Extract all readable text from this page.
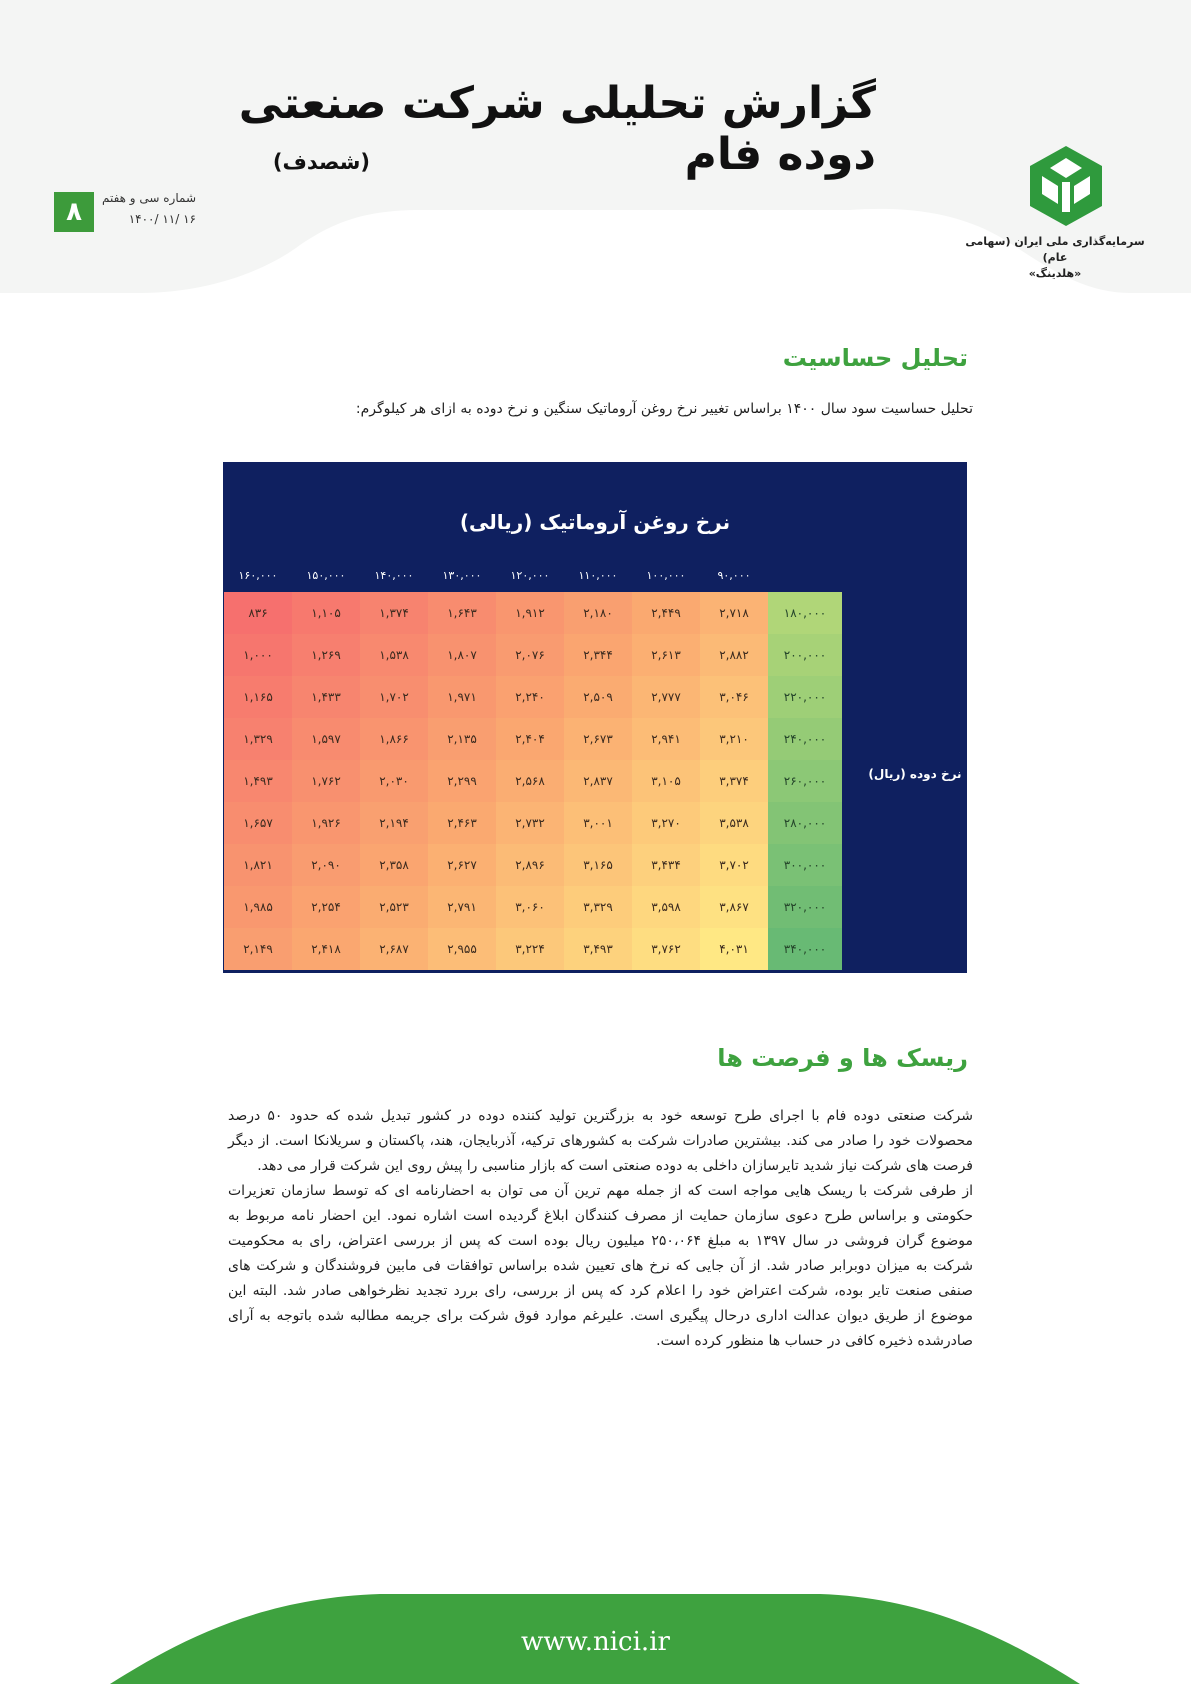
گزارش تحلیلی شرکت صنعتی دوده فام
(شصدف)
سرمایه‌گذاری ملی ایران (سهامی عام)
«هلدینگ»
۸	شماره سی و هفتم
۱۴۰۰/ ۱۱/ ۱۶
تحلیل حساسیت
تحلیل حساسیت سود سال ۱۴۰۰ براساس تغییر نرخ روغن آروماتیک سنگین و نرخ دوده به ازای هر کیلوگرم:
نرخ روغن آروماتیک (ریالی)
نرخ دوده (ریال)
۹۰,۰۰۰
۱۰۰,۰۰۰
۱۱۰,۰۰۰
۱۲۰,۰۰۰
۱۳۰,۰۰۰
۱۴۰,۰۰۰
۱۵۰,۰۰۰
۱۶۰,۰۰۰
۱۸۰,۰۰۰
۲,۷۱۸
۲,۴۴۹
۲,۱۸۰
۱,۹۱۲
۱,۶۴۳
۱,۳۷۴
۱,۱۰۵
۸۳۶
۲۰۰,۰۰۰
۲,۸۸۲
۲,۶۱۳
۲,۳۴۴
۲,۰۷۶
۱,۸۰۷
۱,۵۳۸
۱,۲۶۹
۱,۰۰۰
۲۲۰,۰۰۰
۳,۰۴۶
۲,۷۷۷
۲,۵۰۹
۲,۲۴۰
۱,۹۷۱
۱,۷۰۲
۱,۴۳۳
۱,۱۶۵
۲۴۰,۰۰۰
۳,۲۱۰
۲,۹۴۱
۲,۶۷۳
۲,۴۰۴
۲,۱۳۵
۱,۸۶۶
۱,۵۹۷
۱,۳۲۹
۲۶۰,۰۰۰
۳,۳۷۴
۳,۱۰۵
۲,۸۳۷
۲,۵۶۸
۲,۲۹۹
۲,۰۳۰
۱,۷۶۲
۱,۴۹۳
۲۸۰,۰۰۰
۳,۵۳۸
۳,۲۷۰
۳,۰۰۱
۲,۷۳۲
۲,۴۶۳
۲,۱۹۴
۱,۹۲۶
۱,۶۵۷
۳۰۰,۰۰۰
۳,۷۰۲
۳,۴۳۴
۳,۱۶۵
۲,۸۹۶
۲,۶۲۷
۲,۳۵۸
۲,۰۹۰
۱,۸۲۱
۳۲۰,۰۰۰
۳,۸۶۷
۳,۵۹۸
۳,۳۲۹
۳,۰۶۰
۲,۷۹۱
۲,۵۲۳
۲,۲۵۴
۱,۹۸۵
۳۴۰,۰۰۰
۴,۰۳۱
۳,۷۶۲
۳,۴۹۳
۳,۲۲۴
۲,۹۵۵
۲,۶۸۷
۲,۴۱۸
۲,۱۴۹
ریسک ها و فرصت ها

شرکت صنعتی دوده فام با اجرای طرح توسعه خود به بزرگترین تولید کننده دوده در کشور تبدیل شده که حدود ۵۰ درصد محصولات خود را صادر می کند. بیشترین صادرات شرکت به کشورهای ترکیه، آذربایجان، هند، پاکستان و سریلانکا است. از دیگر فرصت های شرکت نیاز شدید تایرسازان داخلی به دوده صنعتی است که بازار مناسبی را پیش روی این شرکت قرار می دهد.

از طرفی شرکت با ریسک هایی مواجه است که از جمله مهم ترین آن می توان به احضارنامه ای که توسط سازمان تعزیرات حکومتی و براساس طرح دعوی سازمان حمایت از مصرف کنندگان ابلاغ گردیده است اشاره نمود. این احضار نامه مربوط به موضوع گران فروشی در سال ۱۳۹۷ به مبلغ ۲۵۰،۰۶۴ میلیون ریال بوده است که پس از بررسی اعتراض، رای به محکومیت شرکت به میزان دوبرابر صادر شد. از آن جایی که نرخ های تعیین شده براساس توافقات فی مابین فروشندگان و شرکت های صنفی صنعت تایر بوده، شرکت اعتراض خود را اعلام کرد که پس از بررسی، رای بررد تجدید نظرخواهی صادر شد. البته این موضوع از طریق دیوان عدالت اداری درحال پیگیری است. علیرغم موارد فوق شرکت برای جریمه مطالبه شده باتوجه به آرای صادرشده ذخیره کافی در حساب ها منظور کرده است.

www.nici.ir
